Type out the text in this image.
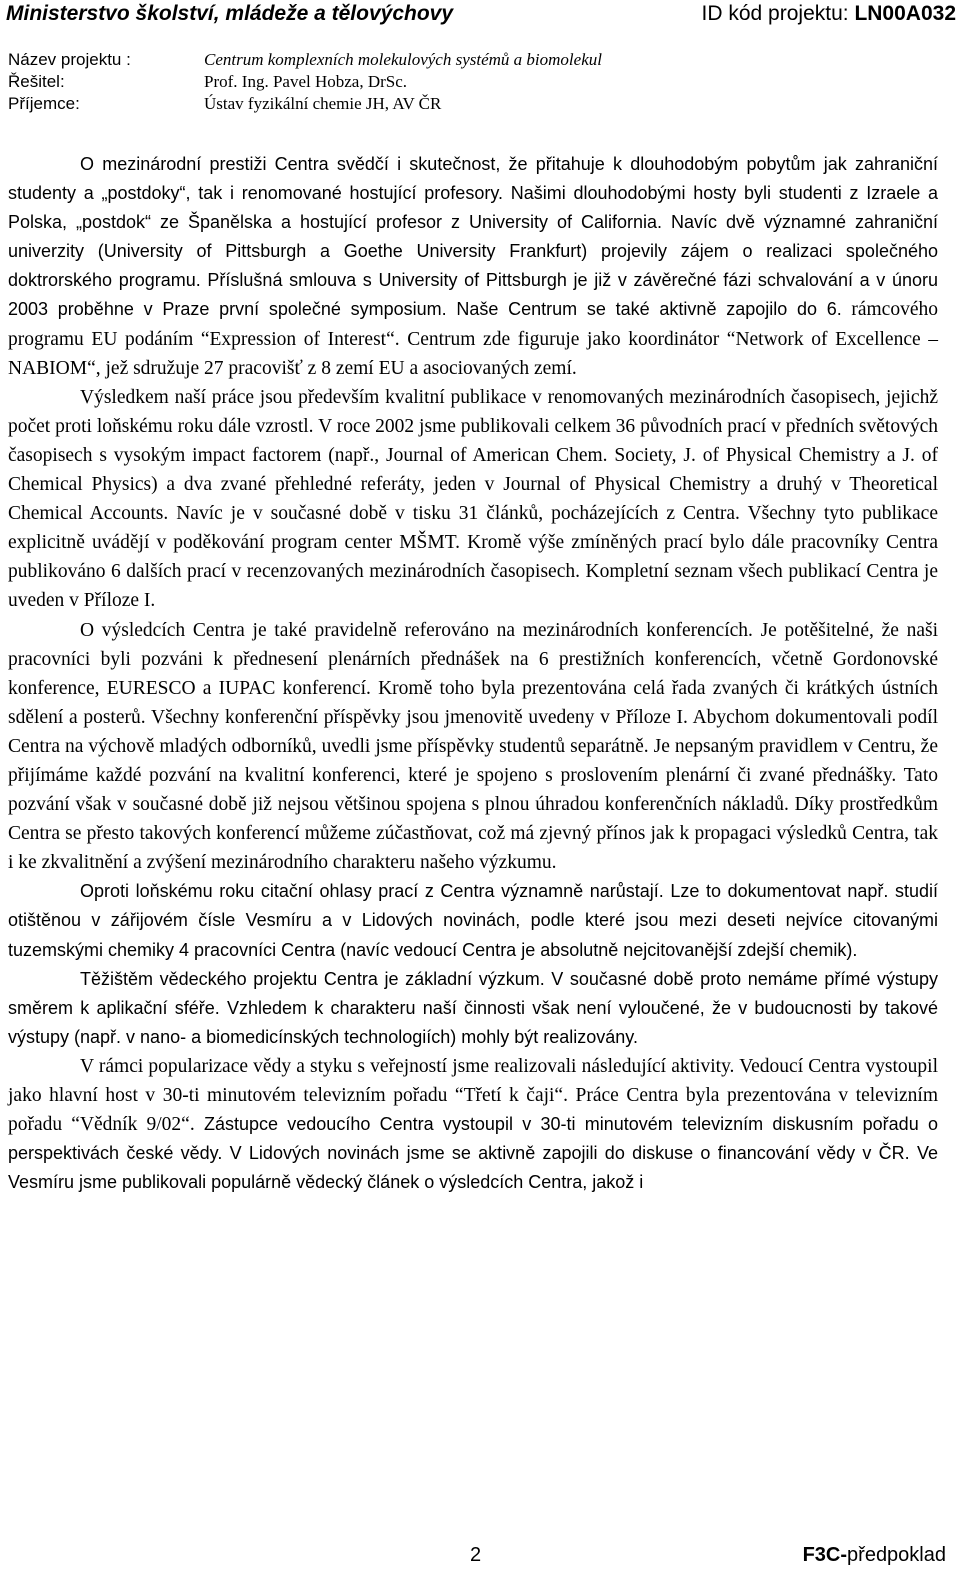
Ministerstvo školství, mládeže a tělovýchovy	ID kód projektu: LN00A032
Název projektu :	Centrum komplexních molekulových systémů a biomolekul
Řešitel:	Prof. Ing. Pavel Hobza, DrSc.
Příjemce:	Ústav fyzikální chemie JH, AV ČR

O mezinárodní prestiži Centra svědčí i skutečnost, že přitahuje k dlouhodobým pobytům jak zahraniční studenty a „postdoky“, tak i renomované hostující profesory. Našimi dlouhodobými hosty byli studenti z Izraele a Polska, „postdok“ ze Španělska a hostující profesor z University of California. Navíc dvě významné zahraniční univerzity (University of Pittsburgh a Goethe University Frankfurt) projevily zájem o realizaci společného doktrorského programu. Příslušná smlouva s University of Pittsburgh je již v závěrečné fázi schvalování a v únoru 2003 proběhne v Praze první společné symposium. Naše Centrum se také aktivně zapojilo do 6. rámcového programu EU podáním “Expression of Interest“. Centrum zde figuruje jako koordinátor “Network of Excellence – NABIOM“, jež sdružuje 27 pracovišť z 8 zemí EU a asociovaných zemí.

Výsledkem naší práce jsou především kvalitní publikace v renomovaných mezinárodních časopisech, jejichž počet proti loňskému roku dále vzrostl. V roce 2002 jsme publikovali celkem 36 původních prací v předních světových časopisech s vysokým impact factorem (např., Journal of American Chem. Society, J. of Physical Chemistry a J. of Chemical Physics) a dva zvané přehledné referáty, jeden v Journal of Physical Chemistry a druhý v Theoretical Chemical Accounts. Navíc je v současné době v tisku 31 článků, pocházejících z Centra. Všechny tyto publikace explicitně uvádějí v poděkování program center MŠMT. Kromě výše zmíněných prací bylo dále pracovníky Centra publikováno 6 dalších prací v recenzovaných mezinárodních časopisech. Kompletní seznam všech publikací Centra je uveden v Příloze I.

O výsledcích Centra je také pravidelně referováno na mezinárodních konferencích. Je potěšitelné, že naši pracovníci byli pozváni k přednesení plenárních přednášek na 6 prestižních konferencích, včetně Gordonovské konference, EURESCO a IUPAC konferencí. Kromě toho byla prezentována celá řada zvaných či krátkých ústních sdělení a posterů. Všechny konferenční příspěvky jsou jmenovitě uvedeny v Příloze I. Abychom dokumentovali podíl Centra na výchově mladých odborníků, uvedli jsme příspěvky studentů separátně. Je nepsaným pravidlem v Centru, že přijímáme každé pozvání na kvalitní konferenci, které je spojeno s proslovením plenární či zvané přednášky. Tato pozvání však v současné době již nejsou většinou spojena s plnou úhradou konferenčních nákladů. Díky prostředkům Centra se přesto takových konferencí můžeme zúčastňovat, což má zjevný přínos jak k propagaci výsledků Centra, tak i ke zkvalitnění a zvýšení mezinárodního charakteru našeho výzkumu.

Oproti loňskému roku citační ohlasy prací z Centra významně narůstají. Lze to dokumentovat např. studií otištěnou v zářijovém čísle Vesmíru a v Lidových novinách, podle které jsou mezi deseti nejvíce citovanými tuzemskými chemiky 4 pracovníci Centra (navíc vedoucí Centra je absolutně nejcitovanější zdejší chemik).

Těžištěm vědeckého projektu Centra je základní výzkum. V současné době proto nemáme přímé výstupy směrem k aplikační sféře. Vzhledem k charakteru naší činnosti však není vyloučené, že v budoucnosti by takové výstupy (např. v nano- a biomedicínských technologiích) mohly být realizovány.

V rámci popularizace vědy a styku s veřejností jsme realizovali následující aktivity. Vedoucí Centra vystoupil jako hlavní host v 30-ti minutovém televizním pořadu “Třetí k čaji“. Práce Centra byla prezentována v televizním pořadu “Vědník 9/02“. Zástupce vedoucího Centra vystoupil v 30-ti minutovém televizním diskusním pořadu o perspektivách české vědy. V Lidových novinách jsme se aktivně zapojili do diskuse o financování vědy v ČR. Ve Vesmíru jsme publikovali populárně vědecký článek o výsledcích Centra, jakož i

2	F3C-předpoklad
